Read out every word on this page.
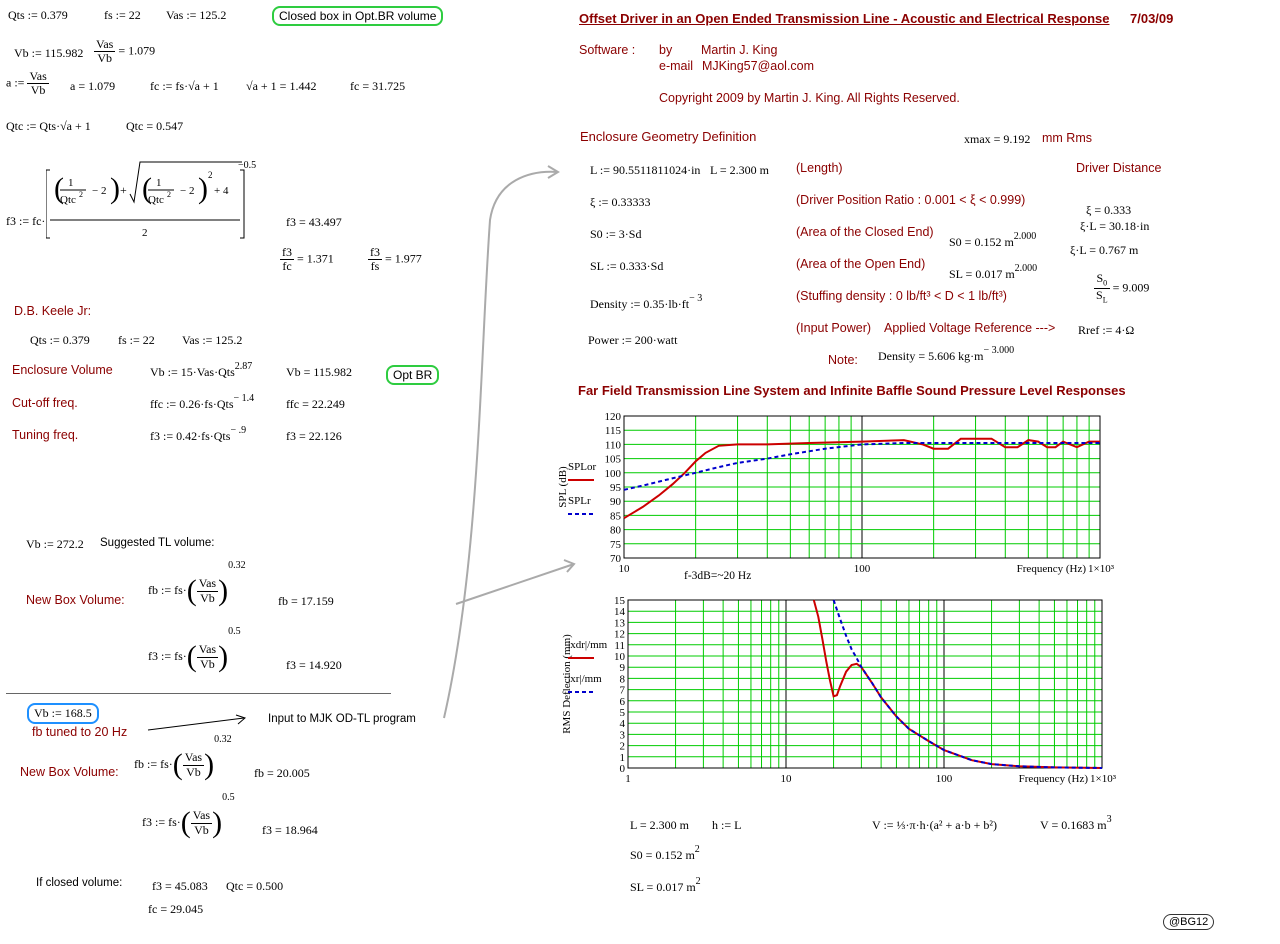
Qts := 0.379	fs := 22 Vas := 125.2	Closed box in Opt.BR volume
Vb := $115.982 \frac{\text{Vas}}{Vb} = 1.079$
a := $\frac{\text{Vas}}{Vb}$ a = 1.079	fc := fs·√a + 1 √a + 1 = 1.442	fc = 31.725
Qtc := Qts·√a + 1	Qtc = 0.547
f3 := fc·
( 1
Qtc 2 − 2 ) + ( 1
Qtc 2 − 2 ) 2
+ 4
2
−0.5
f3 = 43.497
$\frac{f3}{fc} = 1.371$	$\frac{f3}{fs} = 1.977$
D.B. Keele Jr:
Qts := 0.379 fs := 22 Vas := 125.2
Enclosure Volume	Vb := 15·Vas·Qts$^{2.87}$	Vb = 115.982	Opt BR
Cut-off freq.	ffc := 0.26·fs·Qts$^{- 1.4}$	ffc = 22.249
Tuning freq.	f3 := 0.42·fs·Qts$^{- .9}$	f3 = 22.126
Vb := 272.2 Suggested TL volume:
New Box Volume:
fb := $fs\cdot( \frac{\text{Vas}}{Vb} )^{0.32}$
fb = 17.159
f3 := $fs\cdot( \frac{\text{Vas}}{Vb} )^{0.5}$
f3 = 14.920
Vb := 168.5
fb tuned to 20 Hz
Input to MJK OD-TL program
New Box Volume:
fb := $fs\cdot( \frac{\text{Vas}}{Vb} )^{0.32}$
fb = 20.005
f3 := $fs\cdot( \frac{\text{Vas}}{Vb} )^{0.5}$
f3 = 18.964
If closed volume: f3 = 45.083 Qtc = 0.500
fc = 29.045
Offset Driver in an Open Ended Transmission Line - Acoustic and Electrical Response 7/03/09
Software : by Martin J. King
e-mail MJKing57@aol.com
Copyright 2009 by Martin J. King. All Rights Reserved.
Enclosure Geometry Definition	xmax = 9.192 mm Rms
L := 90.5511811024·in L = 2.300 m (Length)	Driver Distance
ξ := 0.33333	(Driver Position Ratio : 0.001 < ξ < 0.999)
ξ = 0.333
ξ·L = 30.18·in
ξ·L = 0.767 m
S0 := 3·Sd	(Area of the Closed End)
S0 = 0.152 $m^{2.000}$
SL := 0.333·Sd	(Area of the Open End)
SL = 0.017 $m^{2.000}$
$\frac{S_0}{S_L} = 9.009$
Density := $0.35\cdot lb\cdot ft^{- 3}$	(Stuffing density : 0 lb/ft³ < D < 1 lb/ft³)
Power := 200·watt
(Input Power) Applied Voltage Reference ---> Rref := 4·Ω
Note: Density = 5.606 $kg\cdot m^{- 3.000}$
Far Field Transmission Line System and Infinite Baffle Sound Pressure Level Responses
70
75
80
85
90
95
100
105
110
115
120
10	100	1×10³
Frequency (Hz)
SPL (dB) SPLor
SPLr
f-3dB=~20 Hz
0
1
2
3
4
5
6
7
8
9
10
11
12
13
14
15
1	10	100	1×10³
Frequency (Hz)
RMS Deflection (mm)
|xdr|/mm
|xr|/mm
L = 2.300 m h := L	V := ⅓·π·h·(a² + a·b + b²)	V = 0.1683 $m^3$
S0 = 0.152 $m^2$
SL = 0.017 $m^2$
@BG12
